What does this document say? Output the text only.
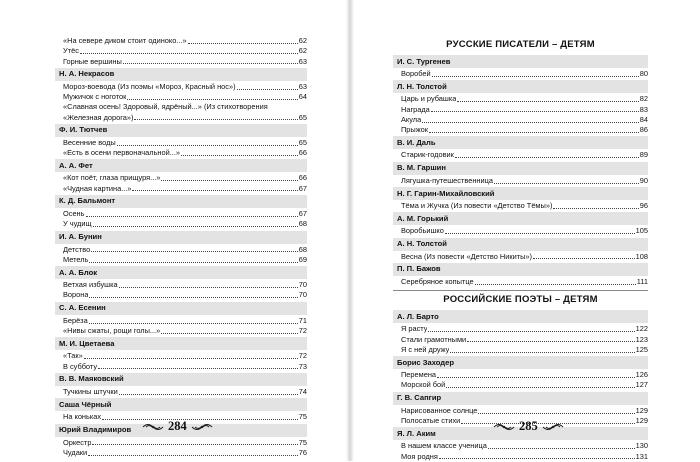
«На севере диком стоит одиноко...»	62
Утёс	62
Горные вершины	63
Н. А. Некрасов
Мороз-воевода (Из поэмы «Мороз, Красный нос»)	63
Мужичок с ноготок	64
«Славная осень! Здоровый, ядрёный...» (Из стихотворения
«Железная дорога»)	65
Ф. И. Тютчев
Весенние воды	65
«Есть в осени первоначальной...»	66
А. А. Фет
«Кот поёт, глаза прищуря...»	66
«Чудная картина...»	67
К. Д. Бальмонт
Осень	67
У чудищ	68
И. А. Бунин
Детство	68
Метель	69
А. А. Блок
Ветхая избушка	70
Ворона	70
С. А. Есенин
Берёза	71
«Нивы сжаты, рощи голы...»	72
М. И. Цветаева
«Так»	72
В субботу	73
В. В. Маяковский
Тучкины штучки	74
Саша Чёрный
На коньках	75
Юрий Владимиров
Оркестр	75
Чудаки	76
284
РУССКИЕ ПИСАТЕЛИ – ДЕТЯМ
И. С. Тургенев
Воробей	80
Л. Н. Толстой
Царь и рубашка	82
Награда	83
Акула	84
Прыжок	86
В. И. Даль
Старик-годовик	89
В. М. Гаршин
Лягушка-путешественница	90
Н. Г. Гарин-Михайловский
Тёма и Жучка (Из повести «Детство Тёмы»)	96
А. М. Горький
Воробьишко	105
А. Н. Толстой
Весна (Из повести «Детство Никиты»)	108
П. П. Бажов
Серебряное копытце	111
РОССИЙСКИЕ ПОЭТЫ – ДЕТЯМ
А. Л. Барто
Я расту	122
Стали грамотными	123
Я с ней дружу	125
Борис Заходер
Перемена	126
Морской бой	127
Г. В. Сапгир
Нарисованное солнце	129
Полосатые стихи	129
Я. Л. Аким
В нашем классе ученица	130
Моя родня	131
285
